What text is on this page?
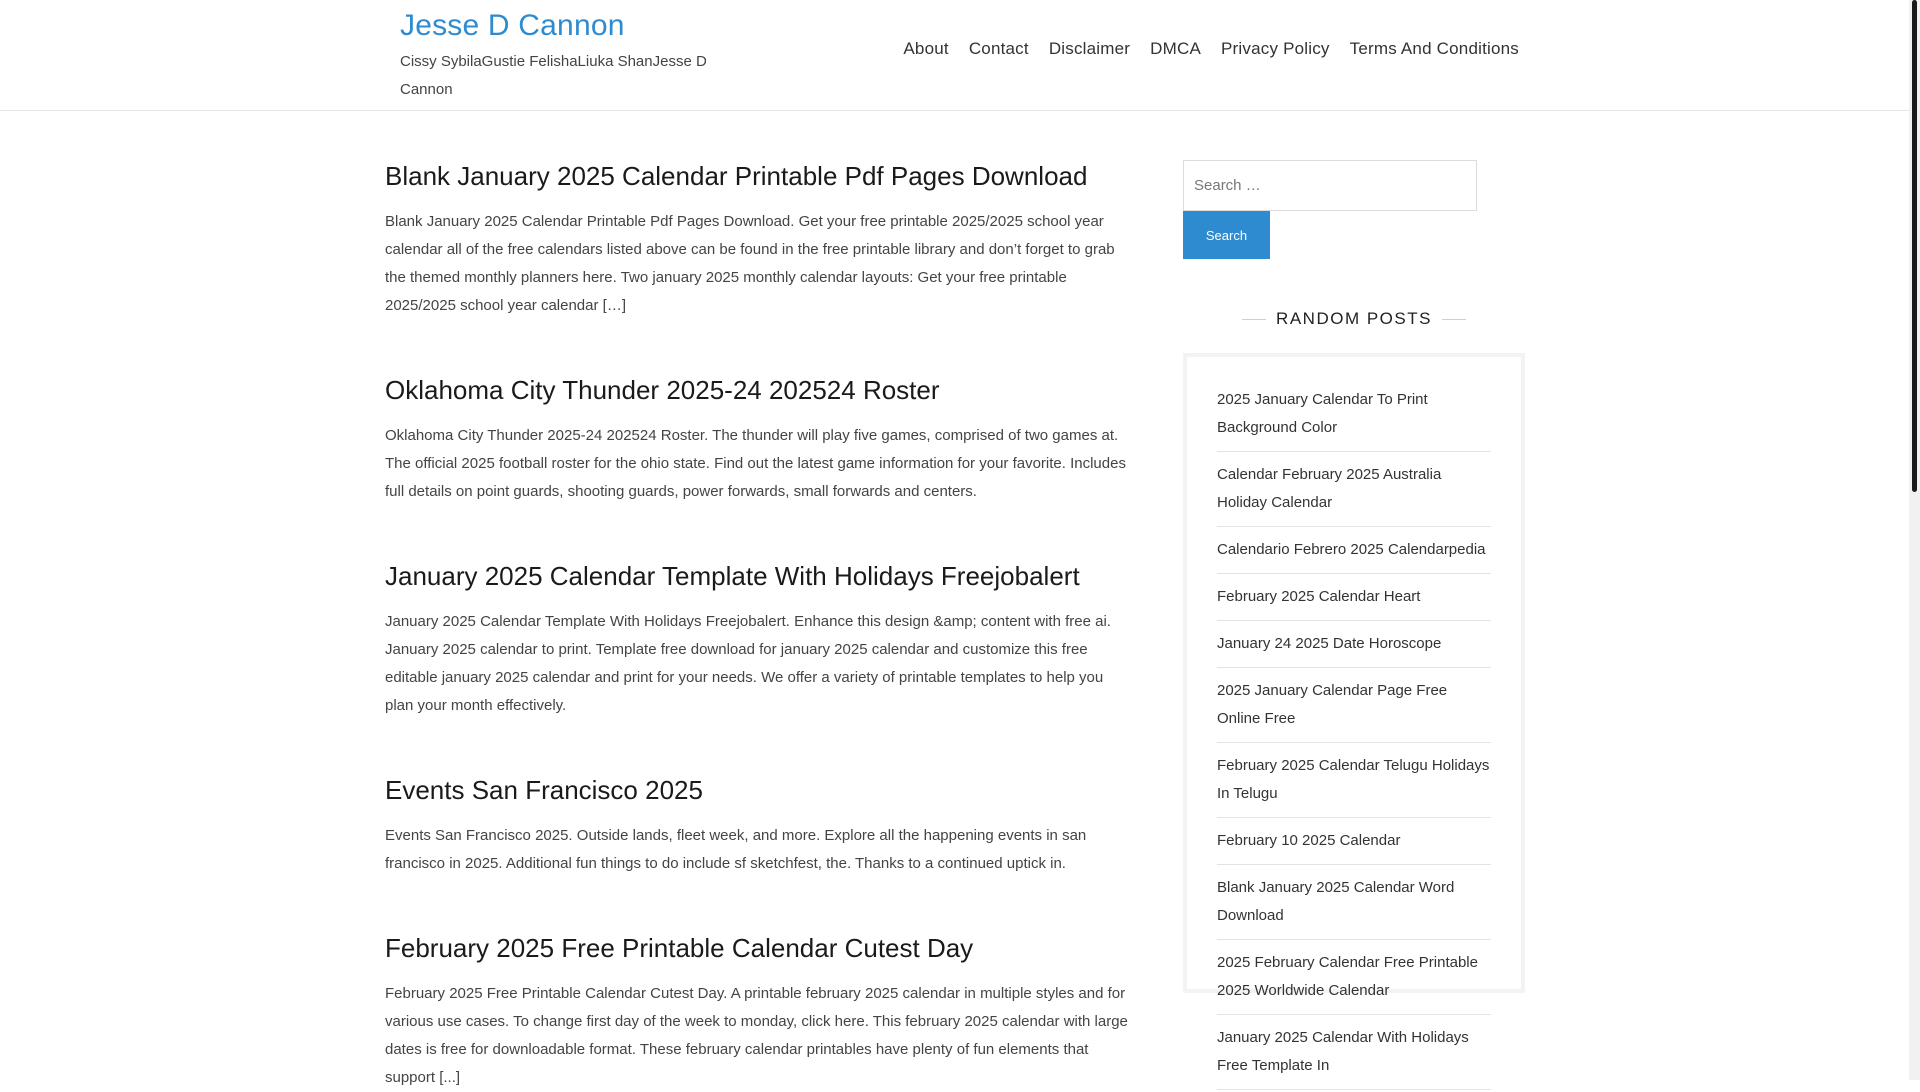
Jesse D Cannon

Cissy SybilaGustie FelishaLiuka ShanJesse D Cannon

About Contact Disclaimer DMCA Privacy Policy Terms And Conditions
Blank January 2025 Calendar Printable Pdf Pages Download

Blank January 2025 Calendar Printable Pdf Pages Download. Get your free printable 2025/2025 school year calendar all of the free calendars listed above can be found in the free printable library and don’t forget to grab the themed monthly planners here. Two january 2025 monthly calendar layouts: Get your free printable 2025/2025 school year calendar […]

Oklahoma City Thunder 2025-24 202524 Roster

Oklahoma City Thunder 2025-24 202524 Roster. The thunder will play five games, comprised of two games at. The official 2025 football roster for the ohio state. Find out the latest game information for your favorite. Includes full details on point guards, shooting guards, power forwards, small forwards and centers.

January 2025 Calendar Template With Holidays Freejobalert

January 2025 Calendar Template With Holidays Freejobalert. Enhance this design &amp; content with free ai. January 2025 calendar to print. Template free download for january 2025 calendar and customize this free editable january 2025 calendar and print for your needs. We offer a variety of printable templates to help you plan your month effectively.

Events San Francisco 2025

Events San Francisco 2025. Outside lands, fleet week, and more. Explore all the happening events in san francisco in 2025. Additional fun things to do include sf sketchfest, the. Thanks to a continued uptick in.

February 2025 Free Printable Calendar Cutest Day

February 2025 Free Printable Calendar Cutest Day. A printable february 2025 calendar in multiple styles and for various use cases. To change first day of the week to monday, click here. This february 2025 calendar with large dates is free for downloadable format. These february calendar printables have plenty of fun elements that support [...]

Search …
Search
RANDOM POSTS
2025 January Calendar To Print Background Color
Calendar February 2025 Australia Holiday Calendar
Calendario Febrero 2025 Calendarpedia
February 2025 Calendar Heart
January 24 2025 Date Horoscope
2025 January Calendar Page Free Online Free
February 2025 Calendar Telugu Holidays In Telugu
February 10 2025 Calendar
Blank January 2025 Calendar Word Download
2025 February Calendar Free Printable 2025 Worldwide Calendar
January 2025 Calendar With Holidays Free Template In
